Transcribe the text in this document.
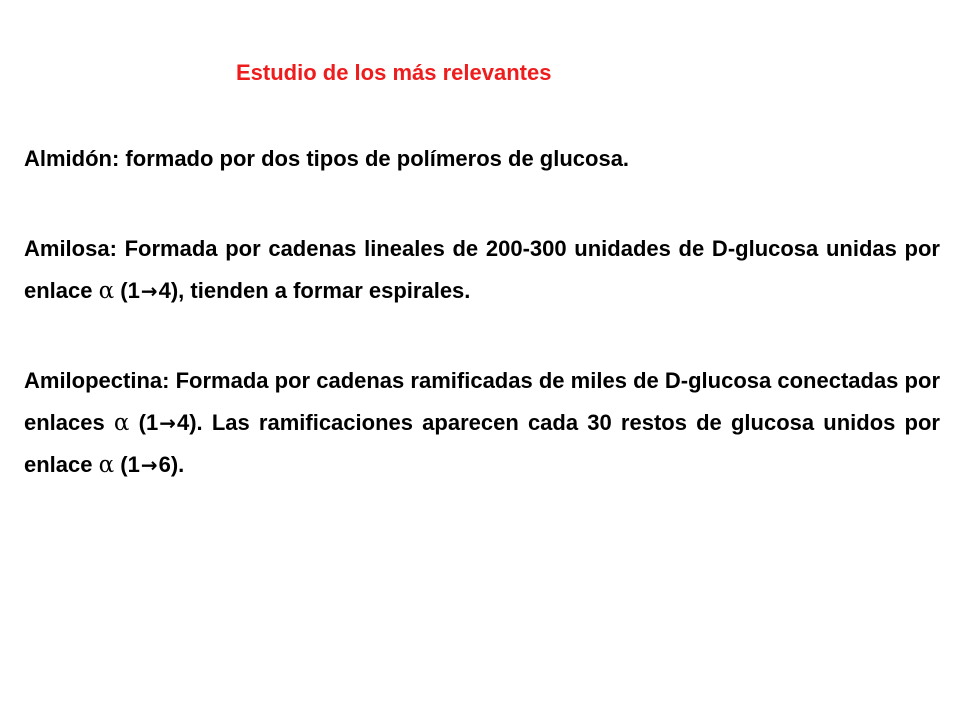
Estudio de los más relevantes
Almidón: formado por dos tipos de polímeros de glucosa.
Amilosa: Formada por cadenas lineales de 200-300 unidades de D-glucosa unidas por enlace α (1→4), tienden a formar espirales.
Amilopectina: Formada por cadenas ramificadas de miles de D-glucosa conectadas por enlaces α (1→4). Las ramificaciones aparecen cada 30 restos de glucosa unidos por enlace α (1→6).
